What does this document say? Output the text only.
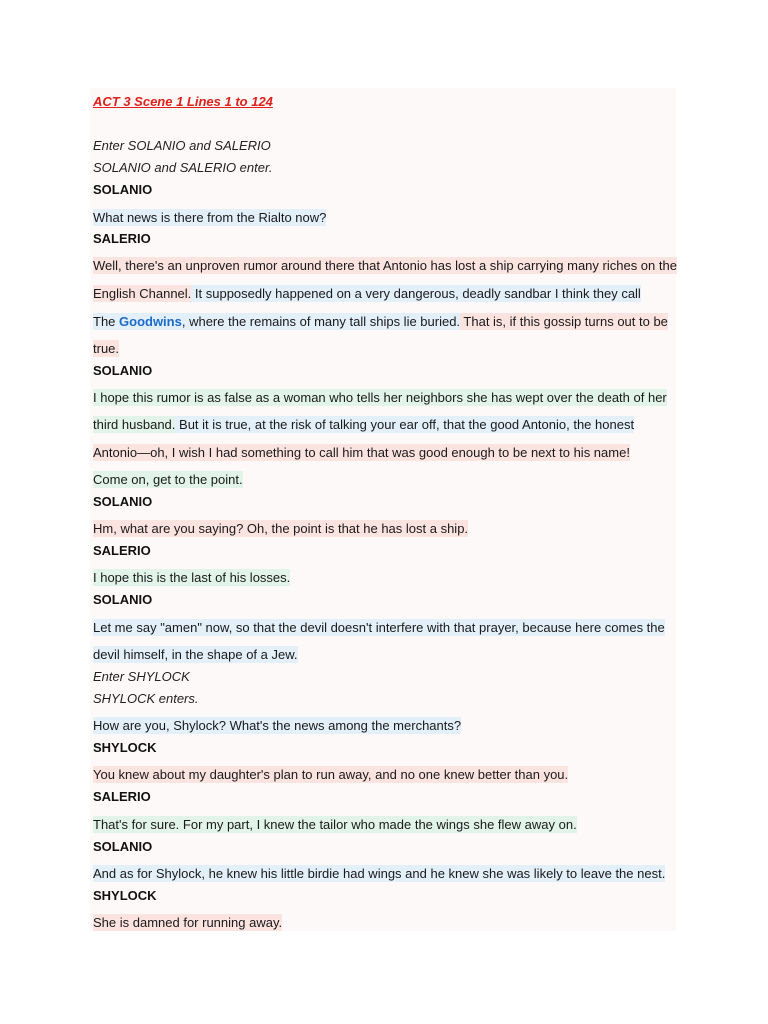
ACT 3 Scene 1 Lines 1 to 124
Enter SOLANIO and SALERIO
SOLANIO and SALERIO enter.
SOLANIO
What news is there from the Rialto now?
SALERIO
Well, there's an unproven rumor around there that Antonio has lost a ship carrying many riches on the
English Channel. It supposedly happened on a very dangerous, deadly sandbar I think they call
The Goodwins, where the remains of many tall ships lie buried. That is, if this gossip turns out to be
true.
SOLANIO
I hope this rumor is as false as a woman who tells her neighbors she has wept over the death of her
third husband. But it is true, at the risk of talking your ear off, that the good Antonio, the honest
Antonio—oh, I wish I had something to call him that was good enough to be next to his name!
Come on, get to the point.
SOLANIO
Hm, what are you saying? Oh, the point is that he has lost a ship.
SALERIO
I hope this is the last of his losses.
SOLANIO
Let me say "amen" now, so that the devil doesn't interfere with that prayer, because here comes the
devil himself, in the shape of a Jew.
Enter SHYLOCK
SHYLOCK enters.
How are you, Shylock? What's the news among the merchants?
SHYLOCK
You knew about my daughter's plan to run away, and no one knew better than you.
SALERIO
That's for sure. For my part, I knew the tailor who made the wings she flew away on.
SOLANIO
And as for Shylock, he knew his little birdie had wings and he knew she was likely to leave the nest.
SHYLOCK
She is damned for running away.
